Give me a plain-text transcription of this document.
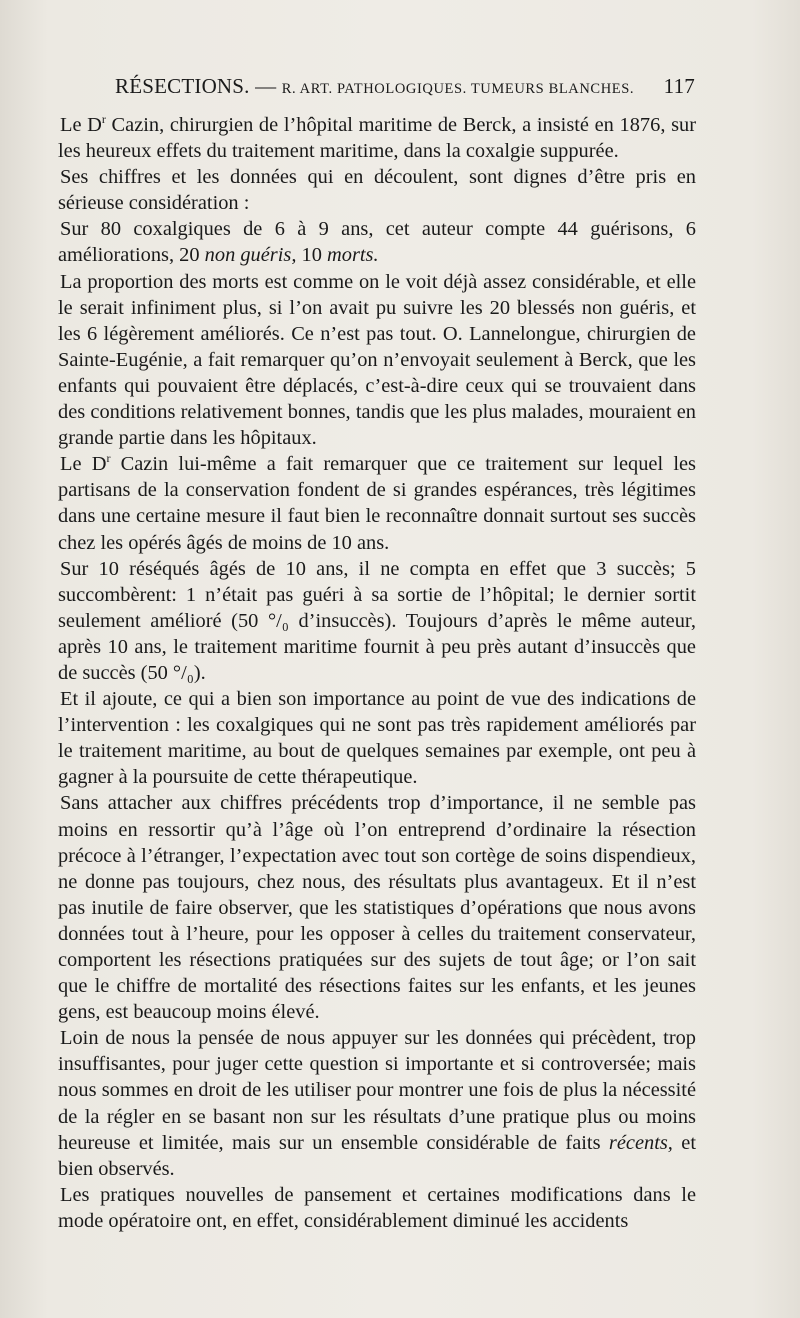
RÉSECTIONS. — R. ART. PATHOLOGIQUES. TUMEURS BLANCHES. 117

Le $D^r$ Cazin, chirurgien de l’hôpital maritime de Berck, a insisté en 1876, sur les heureux effets du traitement maritime, dans la coxalgie suppurée.

Ses chiffres et les données qui en découlent, sont dignes d’être pris en sérieuse considération :

Sur 80 coxalgiques de 6 à 9 ans, cet auteur compte 44 guérisons, 6 améliorations, 20 non guéris, 10 morts.

La proportion des morts est comme on le voit déjà assez considérable, et elle le serait infiniment plus, si l’on avait pu suivre les 20 blessés non guéris, et les 6 légèrement améliorés. Ce n’est pas tout. O. Lannelongue, chirurgien de Sainte-Eugénie, a fait remarquer qu’on n’envoyait seulement à Berck, que les enfants qui pouvaient être déplacés, c’est-à-dire ceux qui se trouvaient dans des conditions relativement bonnes, tandis que les plus malades, mouraient en grande partie dans les hôpitaux.

Le $D^r$ Cazin lui-même a fait remarquer que ce traitement sur lequel les partisans de la conservation fondent de si grandes espérances, très légitimes dans une certaine mesure il faut bien le reconnaître donnait surtout ses succès chez les opérés âgés de moins de 10 ans.

Sur 10 réséqués âgés de 10 ans, il ne compta en effet que 3 succès; 5 succombèrent: 1 n’était pas guéri à sa sortie de l’hôpital; le dernier sortit seulement amélioré (50 °/₀ d’insuccès). Toujours d’après le même auteur, après 10 ans, le traitement maritime fournit à peu près autant d’insuccès que de succès (50 °/₀).

Et il ajoute, ce qui a bien son importance au point de vue des indications de l’intervention : les coxalgiques qui ne sont pas très rapidement améliorés par le traitement maritime, au bout de quelques semaines par exemple, ont peu à gagner à la poursuite de cette thérapeutique.

Sans attacher aux chiffres précédents trop d’importance, il ne semble pas moins en ressortir qu’à l’âge où l’on entreprend d’ordinaire la résection précoce à l’étranger, l’expectation avec tout son cortège de soins dispendieux, ne donne pas toujours, chez nous, des résultats plus avantageux. Et il n’est pas inutile de faire observer, que les statistiques d’opérations que nous avons données tout à l’heure, pour les opposer à celles du traitement conservateur, comportent les résections pratiquées sur des sujets de tout âge; or l’on sait que le chiffre de mortalité des résections faites sur les enfants, et les jeunes gens, est beaucoup moins élevé.

Loin de nous la pensée de nous appuyer sur les données qui précèdent, trop insuffisantes, pour juger cette question si importante et si controversée; mais nous sommes en droit de les utiliser pour montrer une fois de plus la nécessité de la régler en se basant non sur les résultats d’une pratique plus ou moins heureuse et limitée, mais sur un ensemble considérable de faits récents, et bien observés.

Les pratiques nouvelles de pansement et certaines modifications dans le mode opératoire ont, en effet, considérablement diminué les accidents
